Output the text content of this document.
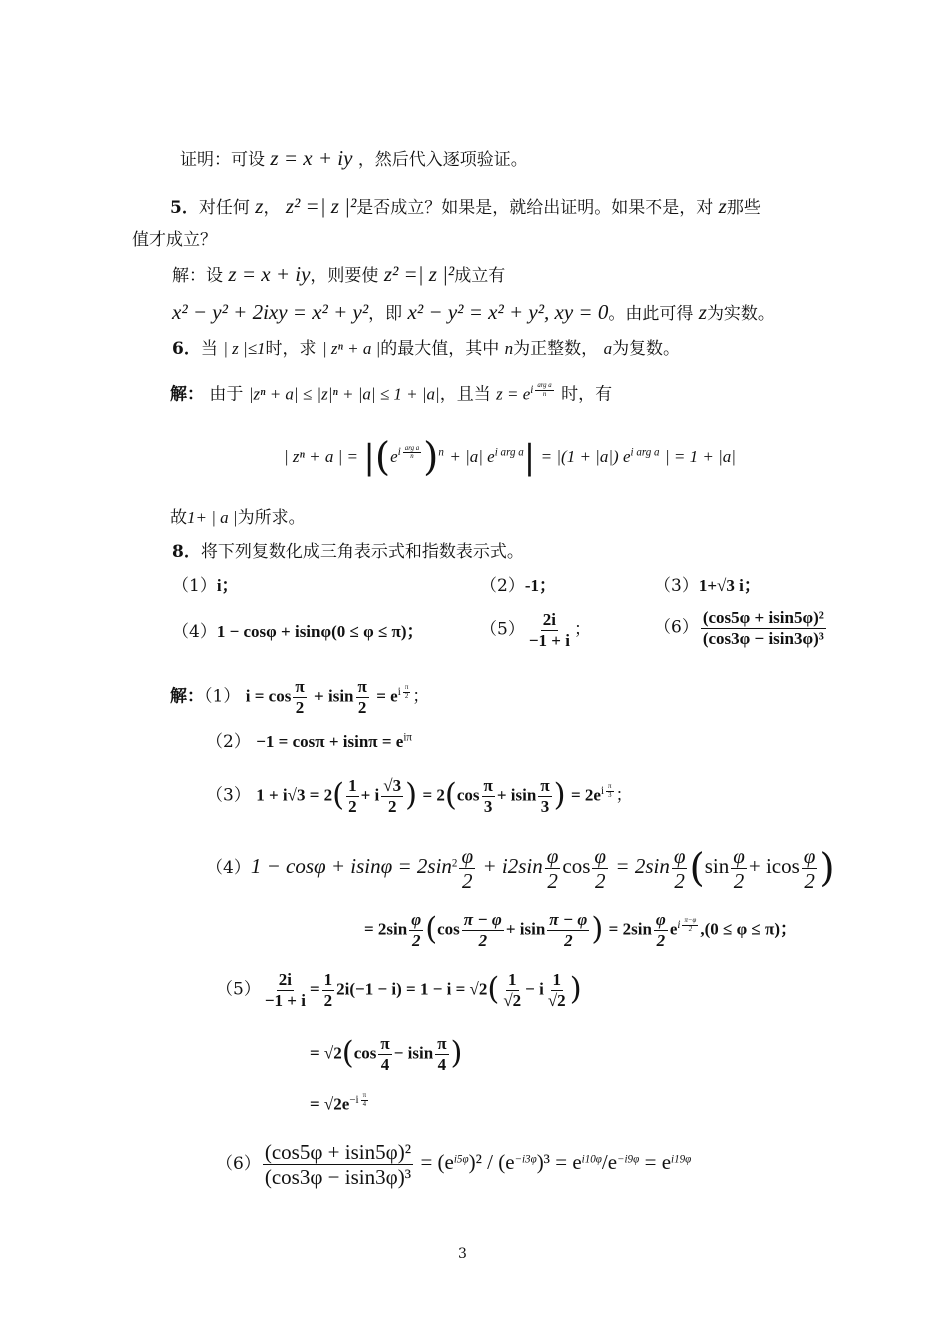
证明：可设 z = x + iy ，然后代入逐项验证。
5．对任何 z， z² =| z |²是否成立？如果是，就给出证明。如果不是，对 z那些
值才成立？
解：设 z = x + iy，则要使 z² =| z |²成立有
x² − y² + 2ixy = x² + y²，即 x² − y² = x² + y², xy = 0。由此可得 z为实数。
6．当 | z |≤1时，求 | zⁿ + a |的最大值，其中 n为正整数， a为复数。
解： 由于 |zⁿ + a| ≤ |z|ⁿ + |a| ≤ 1 + |a|，且当 $z = e^{i \frac{\text{arg a}}{n}}$ 时，有
| zⁿ + a | = $|(e^{i \frac{\text{arg a}}{n}}$ )$^n$ + |a| $e^{i arg a}| = |(1 + |a|)$ $e^{i arg a}$ | = 1 + |a|
故1+ | a |为所求。
8．将下列复数化成三角表示式和指数表示式。
（1）i；	（2）-1；	（3）1+√3 i；
（4）1 − cosφ + isinφ(0 ≤ φ ≤ π)；	$(5) \frac{2i}{-1 + i}$ ；	$(6) \frac{\text{(cos5φ + isin5φ)²}}{\text{(cos3φ − isin3φ)³}}$
解：（1） $i = \cos \frac{\pi}{2} + isin \frac{\pi}{2} = e^{i \frac{\pi}{2}}$ ；
$(2) -1 = \cos\pi + isin\pi = e^{i\pi}$
（3） $1 + i√3 = 2( \frac{1}{2} + i \frac{√3}{2}$ ) = $2(\cos \frac{\pi}{3} + isin \frac{\pi}{3}$ ) = $2e^{i \frac{\pi}{3}}$ ；
$(4)1 - \cos\varphi + isin\varphi = 2\sin^2 \frac{\varphi}{2} + i2\sin \frac{\varphi}{2}$ $\cos \frac{\varphi}{2} = 2\sin \frac{\varphi}{2} (\sin \frac{\varphi}{2} + icos \frac{\varphi}{2}$ )
= $2\sin \frac{\varphi}{2} (\cos \frac{\pi - \varphi}{2} + isin \frac{\pi - \varphi}{2}$ ) = $2\sin \frac{\varphi}{2} e^{i \frac{\pi-\varphi}{2}}$ ,(0 ≤ φ ≤ π)；
$(5) \frac{2i}{-1 + i} = \frac{1}{2} 2i(-1 - i) = 1 - i = √2( \frac{1}{√2} - i \frac{1}{√2}$ )
= $√2(\cos \frac{\pi}{4} - isin \frac{\pi}{4}$ )
= $√2e^{-i \frac{\pi}{4}}$
$(6) \frac{\text{(cos5φ + isin5φ)²}}{\text{(cos3φ − isin3φ)³}} = (e^{i5\varphi})^2 / (e^{-i3\varphi})^3 = e^{i10\varphi}/e^{-i9\varphi} = e^{i19\varphi}$
3
